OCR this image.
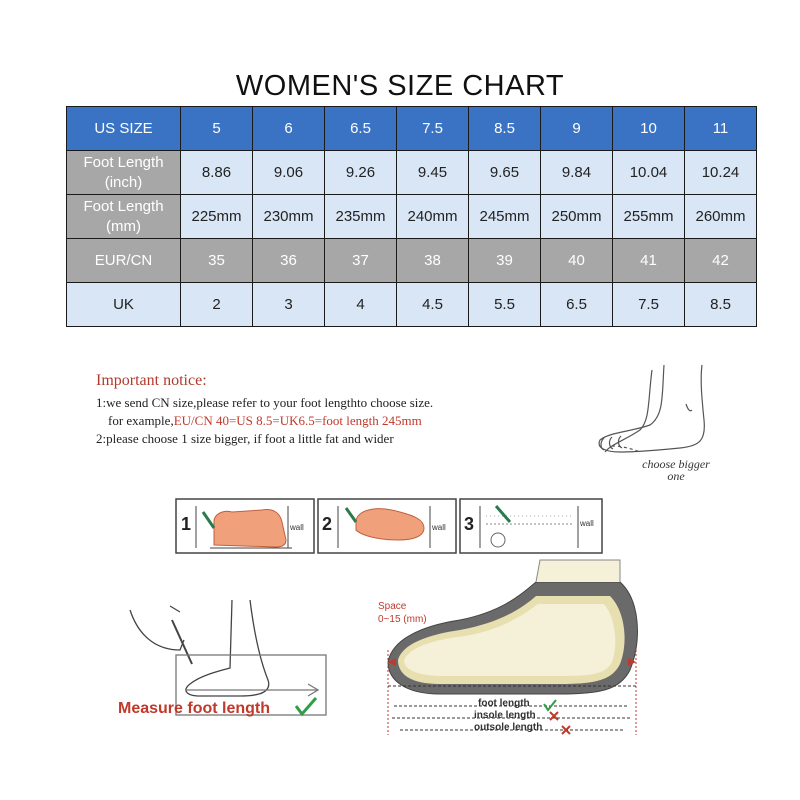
WOMEN'S SIZE CHART
US SIZE	5	6	6.5	7.5	8.5	9	10	11
Foot Length (inch)	8.86	9.06	9.26	9.45	9.65	9.84	10.04	10.24
Foot Length (mm)	225mm	230mm	235mm	240mm	245mm	250mm	255mm	260mm
EUR/CN	35	36	37	38	39	40	41	42
UK	2	3	4	4.5	5.5	6.5	7.5	8.5
Important notice:
1:we send CN size,please refer to your foot lengthto choose size.
for example,EU/CN 40=US 8.5=UK6.5=foot length 245mm
2:please choose 1 size bigger, if foot a little fat and wider
1	2	3
wall	wall	wall
choose bigger one
Measure foot length
Space
0~15 (mm)
foot length
insole length
outsole length
